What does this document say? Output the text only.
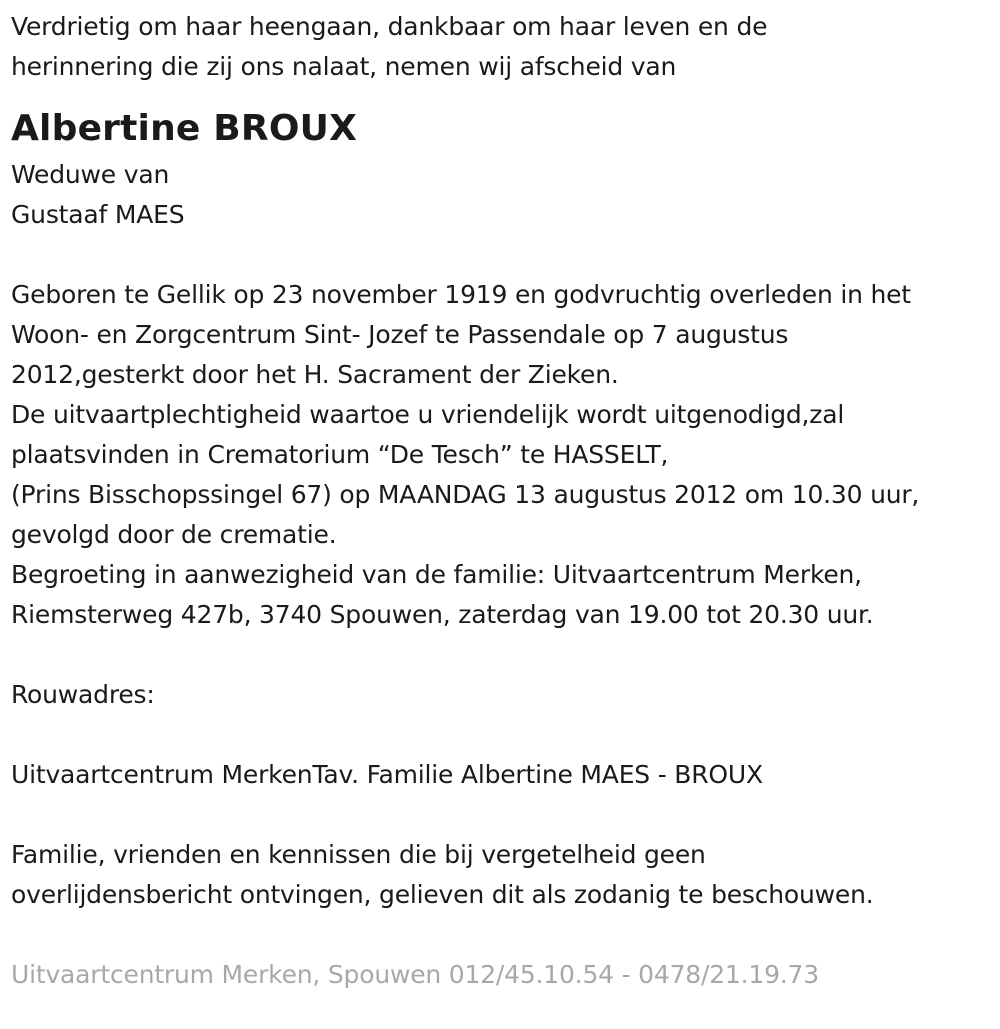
Verdrietig om haar heengaan, dankbaar om haar leven en de
herinnering die zij ons nalaat, nemen wij afscheid van
Albertine BROUX
Weduwe van
Gustaaf MAES
Geboren te Gellik op 23 november 1919 en godvruchtig overleden in het
Woon- en Zorgcentrum Sint- Jozef te Passendale op 7 augustus
2012,gesterkt door het H. Sacrament der Zieken.
De uitvaartplechtigheid waartoe u vriendelijk wordt uitgenodigd,zal
plaatsvinden in Crematorium “De Tesch” te HASSELT,
(Prins Bisschopssingel 67) op MAANDAG 13 augustus 2012 om 10.30 uur,
gevolgd door de crematie.
Begroeting in aanwezigheid van de familie: Uitvaartcentrum Merken,
Riemsterweg 427b, 3740 Spouwen, zaterdag van 19.00 tot 20.30 uur.
Rouwadres:
Uitvaartcentrum MerkenTav. Familie Albertine MAES - BROUX
Familie, vrienden en kennissen die bij vergetelheid geen
overlijdensbericht ontvingen, gelieven dit als zodanig te beschouwen.
Uitvaartcentrum Merken, Spouwen 012/45.10.54 - 0478/21.19.73
